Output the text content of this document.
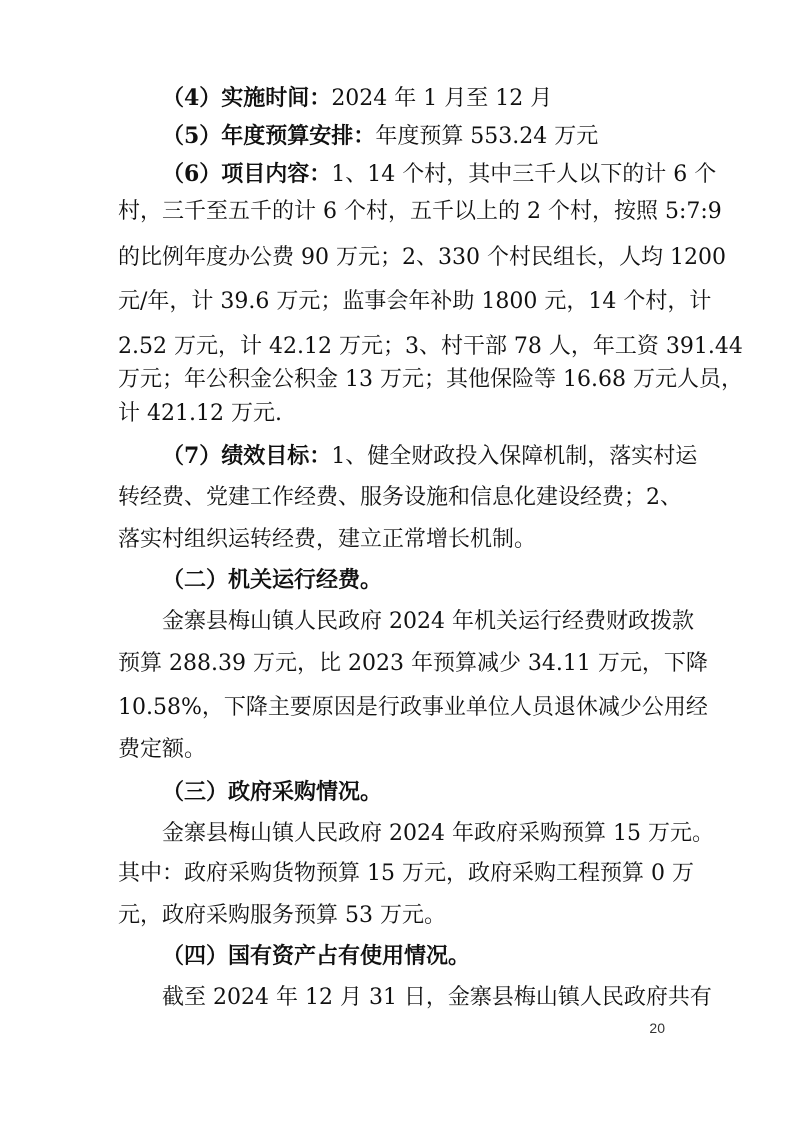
（4）实施时间：2024 年 1 月至 12 月
（5）年度预算安排：年度预算 553.24 万元
（6）项目内容：1、14 个村，其中三千人以下的计 6 个
村，三千至五千的计 6 个村，五千以上的 2 个村，按照 5:7:9
的比例年度办公费 90 万元；2、330 个村民组长，人均 1200
元/年，计 39.6 万元；监事会年补助 1800 元，14 个村，计
2.52 万元，计 42.12 万元；3、村干部 78 人，年工资 391.44
万元；年公积金公积金 13 万元；其他保险等 16.68 万元人员，
计 421.12 万元.
（7）绩效目标：1、健全财政投入保障机制，落实村运
转经费、党建工作经费、服务设施和信息化建设经费；2、
落实村组织运转经费，建立正常增长机制。
（二）机关运行经费。
金寨县梅山镇人民政府 2024 年机关运行经费财政拨款
预算 288.39 万元，比 2023 年预算减少 34.11 万元，下降
10.58%，下降主要原因是行政事业单位人员退休减少公用经
费定额。
（三）政府采购情况。
金寨县梅山镇人民政府 2024 年政府采购预算 15 万元。
其中：政府采购货物预算 15 万元，政府采购工程预算 0 万
元，政府采购服务预算 53 万元。
（四）国有资产占有使用情况。
截至 2024 年 12 月 31 日，金寨县梅山镇人民政府共有
20
